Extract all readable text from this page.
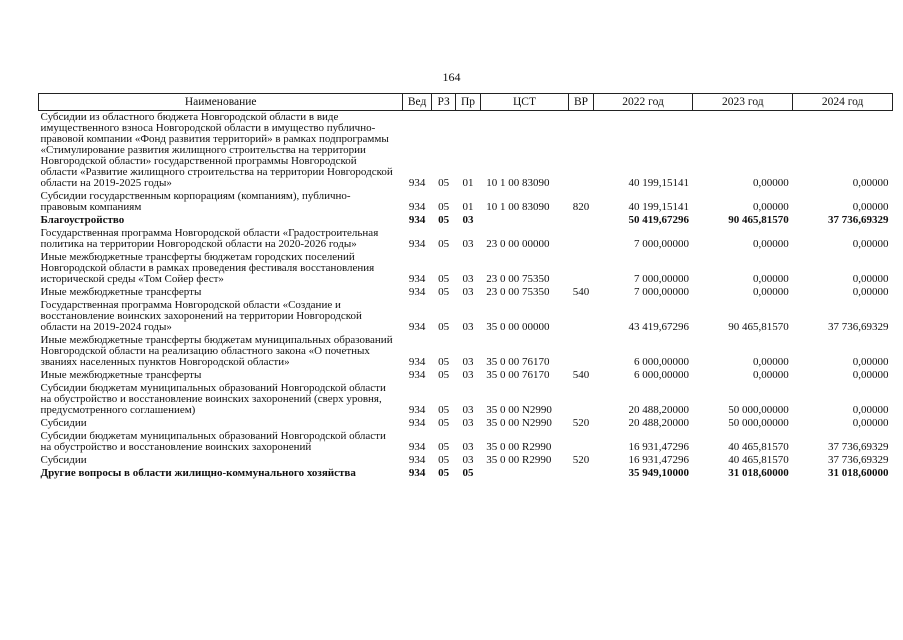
164
Наименование	Вед	РЗ	Пр	ЦСТ	ВР	2022 год	2023 год	2024 год
Субсидии из областного бюджета Новгородской области в виде имущественного взноса Новгородской области в имущество публично-правовой компании «Фонд развития территорий» в рамках подпрограммы «Стимулирование развития жилищного строительства на территории Новгородской области» государственной программы Новгородской области «Развитие жилищного строительства на территории Новгородской области на 2019-2025 годы»	934	05	01	10 1 00 83090		40 199,15141	0,00000	0,00000
Субсидии государственным корпорациям (компаниям), публично-правовым компаниям	934	05	01	10 1 00 83090	820	40 199,15141	0,00000	0,00000
Благоустройство	934	05	03			50 419,67296	90 465,81570	37 736,69329
Государственная программа Новгородской области «Градостроительная политика на территории Новгородской области на 2020-2026 годы»	934	05	03	23 0 00 00000		7 000,00000	0,00000	0,00000
Иные межбюджетные трансферты бюджетам городских поселений Новгородской области в рамках проведения фестиваля восстановления исторической среды «Том Сойер фест»	934	05	03	23 0 00 75350		7 000,00000	0,00000	0,00000
Иные межбюджетные трансферты	934	05	03	23 0 00 75350	540	7 000,00000	0,00000	0,00000
Государственная программа Новгородской области «Создание и восстановление воинских захоронений на территории Новгородской области на 2019-2024 годы»	934	05	03	35 0 00 00000		43 419,67296	90 465,81570	37 736,69329
Иные межбюджетные трансферты бюджетам муниципальных образований Новгородской области на реализацию областного закона «О почетных званиях населенных пунктов Новгородской области»	934	05	03	35 0 00 76170		6 000,00000	0,00000	0,00000
Иные межбюджетные трансферты	934	05	03	35 0 00 76170	540	6 000,00000	0,00000	0,00000
Субсидии бюджетам муниципальных образований Новгородской области на обустройство и восстановление воинских захоронений (сверх уровня, предусмотренного соглашением)	934	05	03	35 0 00 N2990		20 488,20000	50 000,00000	0,00000
Субсидии	934	05	03	35 0 00 N2990	520	20 488,20000	50 000,00000	0,00000
Субсидии бюджетам муниципальных образований Новгородской области на обустройство и восстановление воинских захоронений	934	05	03	35 0 00 R2990		16 931,47296	40 465,81570	37 736,69329
Субсидии	934	05	03	35 0 00 R2990	520	16 931,47296	40 465,81570	37 736,69329
Другие вопросы в области жилищно-коммунального хозяйства	934	05	05			35 949,10000	31 018,60000	31 018,60000
